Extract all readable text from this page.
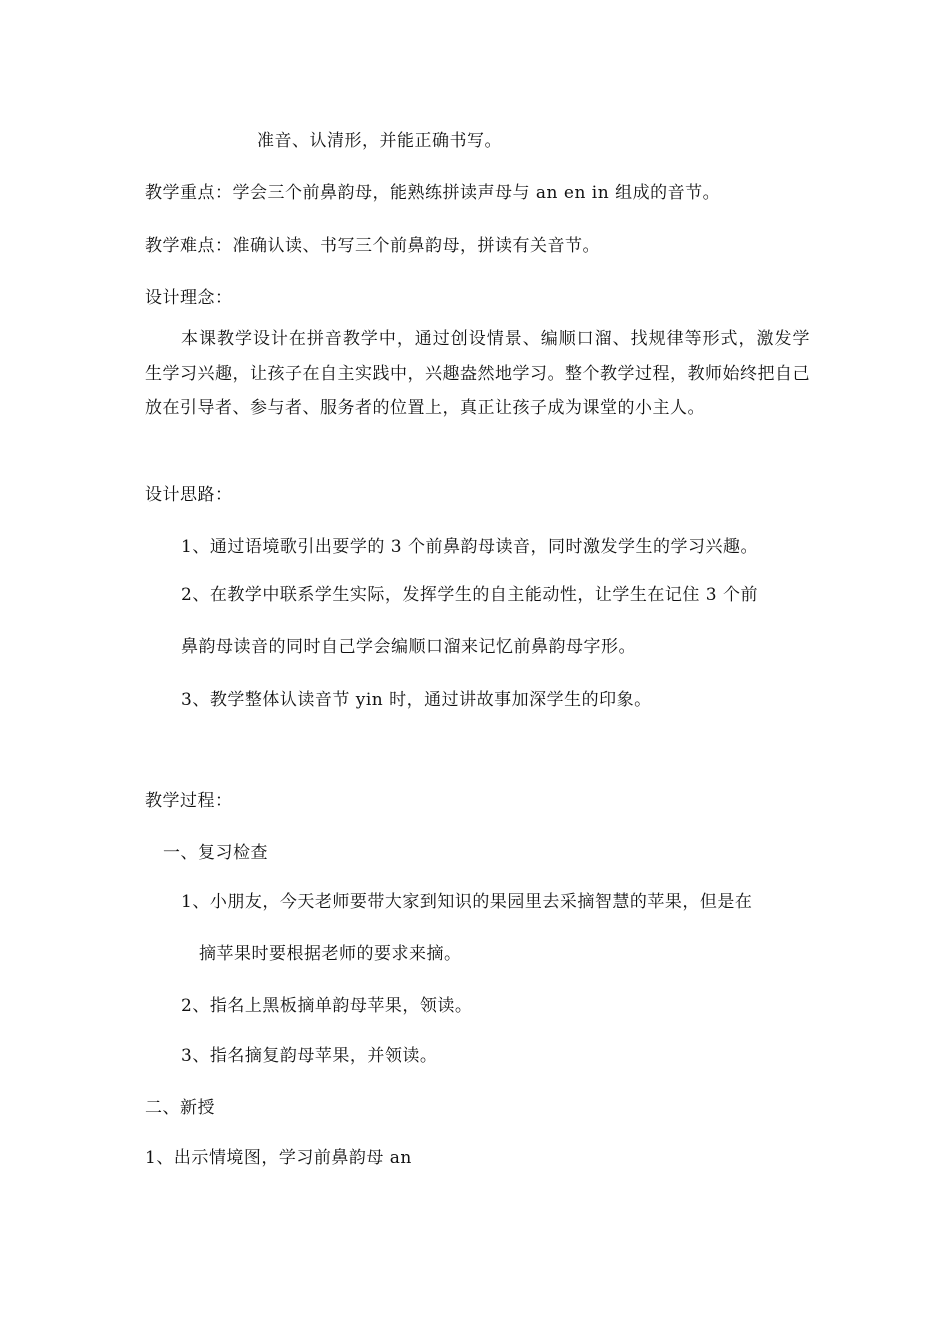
准音、认清形，并能正确书写。
教学重点：学会三个前鼻韵母，能熟练拼读声母与 an en in 组成的音节。
教学难点：准确认读、书写三个前鼻韵母，拼读有关音节。
设计理念：
本课教学设计在拼音教学中，通过创设情景、编顺口溜、找规律等形式，激发学生学习兴趣，让孩子在自主实践中，兴趣盎然地学习。整个教学过程，教师始终把自己放在引导者、参与者、服务者的位置上，真正让孩子成为课堂的小主人。
设计思路：
1、通过语境歌引出要学的 3 个前鼻韵母读音，同时激发学生的学习兴趣。
2、在教学中联系学生实际，发挥学生的自主能动性，让学生在记住 3 个前
鼻韵母读音的同时自己学会编顺口溜来记忆前鼻韵母字形。
3、教学整体认读音节 yin 时，通过讲故事加深学生的印象。
教学过程：
一、复习检查
1、小朋友，今天老师要带大家到知识的果园里去采摘智慧的苹果，但是在
摘苹果时要根据老师的要求来摘。
2、指名上黑板摘单韵母苹果，领读。
3、指名摘复韵母苹果，并领读。
二、新授
1、出示情境图，学习前鼻韵母 an
